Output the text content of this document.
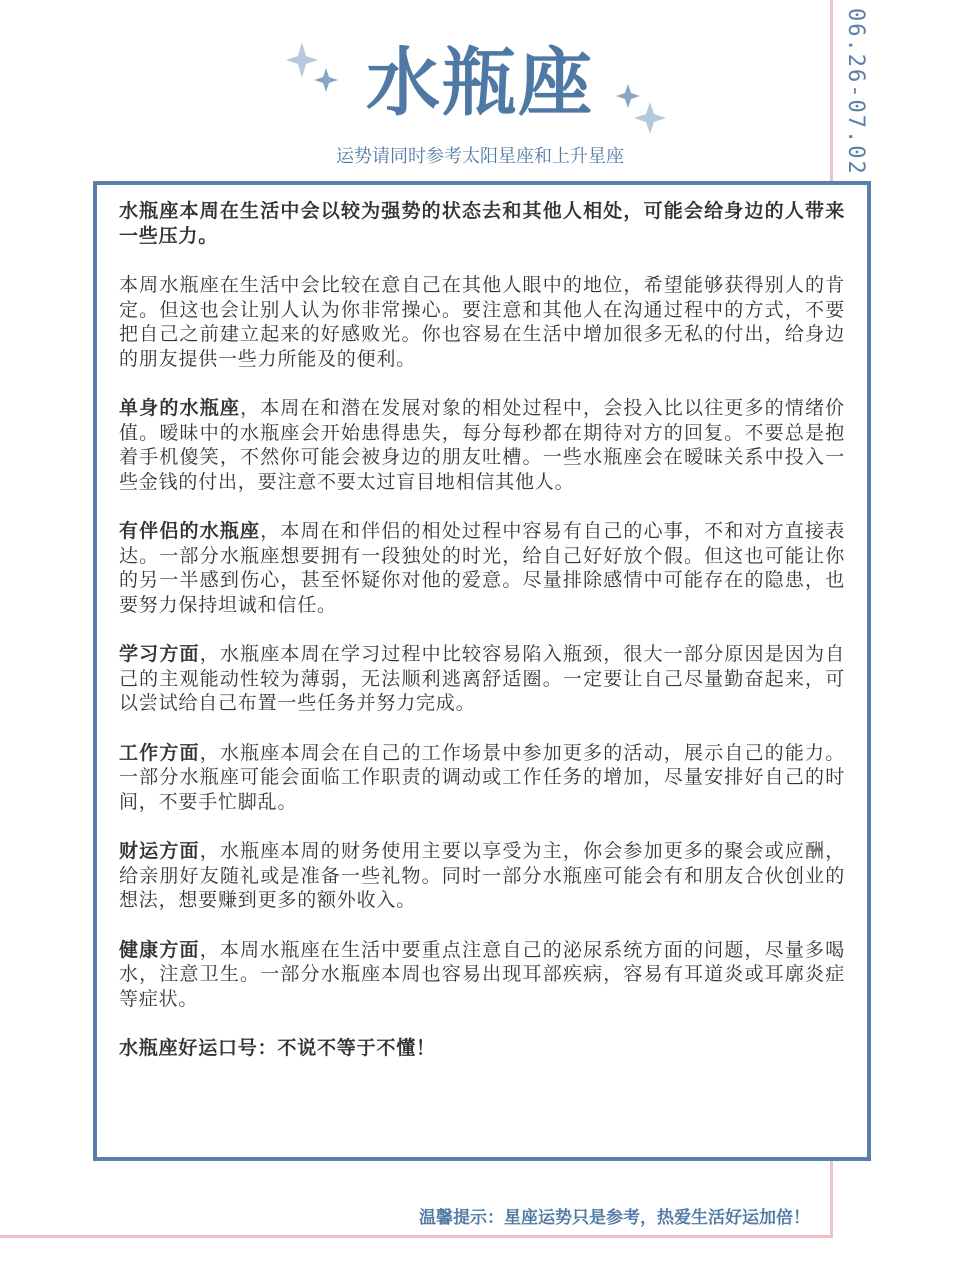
06.26-07.02
水瓶座
运势请同时参考太阳星座和上升星座

水瓶座本周在生活中会以较为强势的状态去和其他人相处，可能会给身边的人带来一些压力。

本周水瓶座在生活中会比较在意自己在其他人眼中的地位，希望能够获得别人的肯定。但这也会让别人认为你非常操心。要注意和其他人在沟通过程中的方式，不要把自己之前建立起来的好感败光。你也容易在生活中增加很多无私的付出，给身边的朋友提供一些力所能及的便利。

单身的水瓶座，本周在和潜在发展对象的相处过程中，会投入比以往更多的情绪价值。暧昧中的水瓶座会开始患得患失，每分每秒都在期待对方的回复。不要总是抱着手机傻笑，不然你可能会被身边的朋友吐槽。一些水瓶座会在暧昧关系中投入一些金钱的付出，要注意不要太过盲目地相信其他人。

有伴侣的水瓶座，本周在和伴侣的相处过程中容易有自己的心事，不和对方直接表达。一部分水瓶座想要拥有一段独处的时光，给自己好好放个假。但这也可能让你的另一半感到伤心，甚至怀疑你对他的爱意。尽量排除感情中可能存在的隐患，也要努力保持坦诚和信任。

学习方面，水瓶座本周在学习过程中比较容易陷入瓶颈，很大一部分原因是因为自己的主观能动性较为薄弱，无法顺利逃离舒适圈。一定要让自己尽量勤奋起来，可以尝试给自己布置一些任务并努力完成。

工作方面，水瓶座本周会在自己的工作场景中参加更多的活动，展示自己的能力。一部分水瓶座可能会面临工作职责的调动或工作任务的增加，尽量安排好自己的时间，不要手忙脚乱。

财运方面，水瓶座本周的财务使用主要以享受为主，你会参加更多的聚会或应酬，给亲朋好友随礼或是准备一些礼物。同时一部分水瓶座可能会有和朋友合伙创业的想法，想要赚到更多的额外收入。

健康方面，本周水瓶座在生活中要重点注意自己的泌尿系统方面的问题，尽量多喝水，注意卫生。一部分水瓶座本周也容易出现耳部疾病，容易有耳道炎或耳廓炎症等症状。

水瓶座好运口号：不说不等于不懂！

温馨提示：星座运势只是参考，热爱生活好运加倍！
